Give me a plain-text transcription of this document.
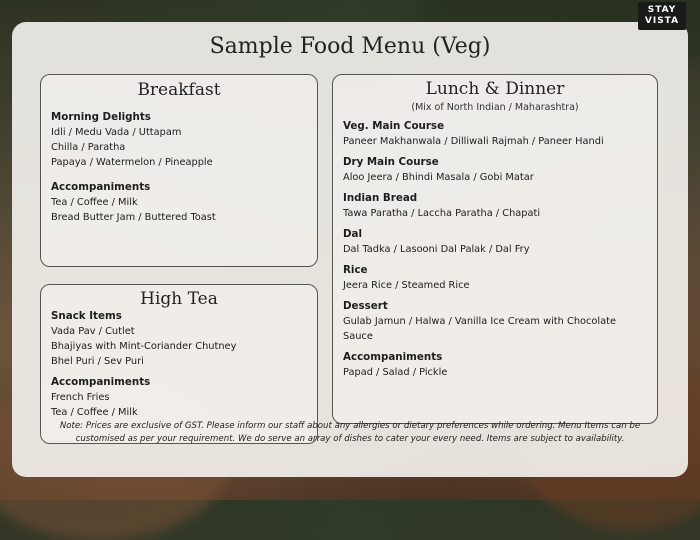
Sample Food Menu (Veg)
Breakfast
Morning Delights
Idli / Medu Vada / Uttapam
Chilla / Paratha
Papaya / Watermelon / Pineapple
Accompaniments
Tea / Coffee / Milk
Bread Butter Jam / Buttered Toast
High Tea
Snack Items
Vada Pav / Cutlet
Bhajiyas with Mint-Coriander Chutney
Bhel Puri / Sev Puri
Accompaniments
French Fries
Tea / Coffee / Milk
Lunch & Dinner
(Mix of North Indian / Maharashtra)
Veg. Main Course
Paneer Makhanwala / Dilliwali Rajmah / Paneer Handi
Dry Main Course
Aloo Jeera / Bhindi Masala / Gobi Matar
Indian Bread
Tawa Paratha / Laccha Paratha / Chapati
Dal
Dal Tadka / Lasooni Dal Palak / Dal Fry
Rice
Jeera Rice / Steamed Rice
Dessert
Gulab Jamun / Halwa / Vanilla Ice Cream with Chocolate Sauce
Accompaniments
Papad / Salad / Pickle
STAY
VISTA
Note: Prices are exclusive of GST. Please inform our staff about any allergies or dietary preferences while ordering. Menu Items can be customised as per your requirement. We do serve an array of dishes to cater your every need. Items are subject to availability.
